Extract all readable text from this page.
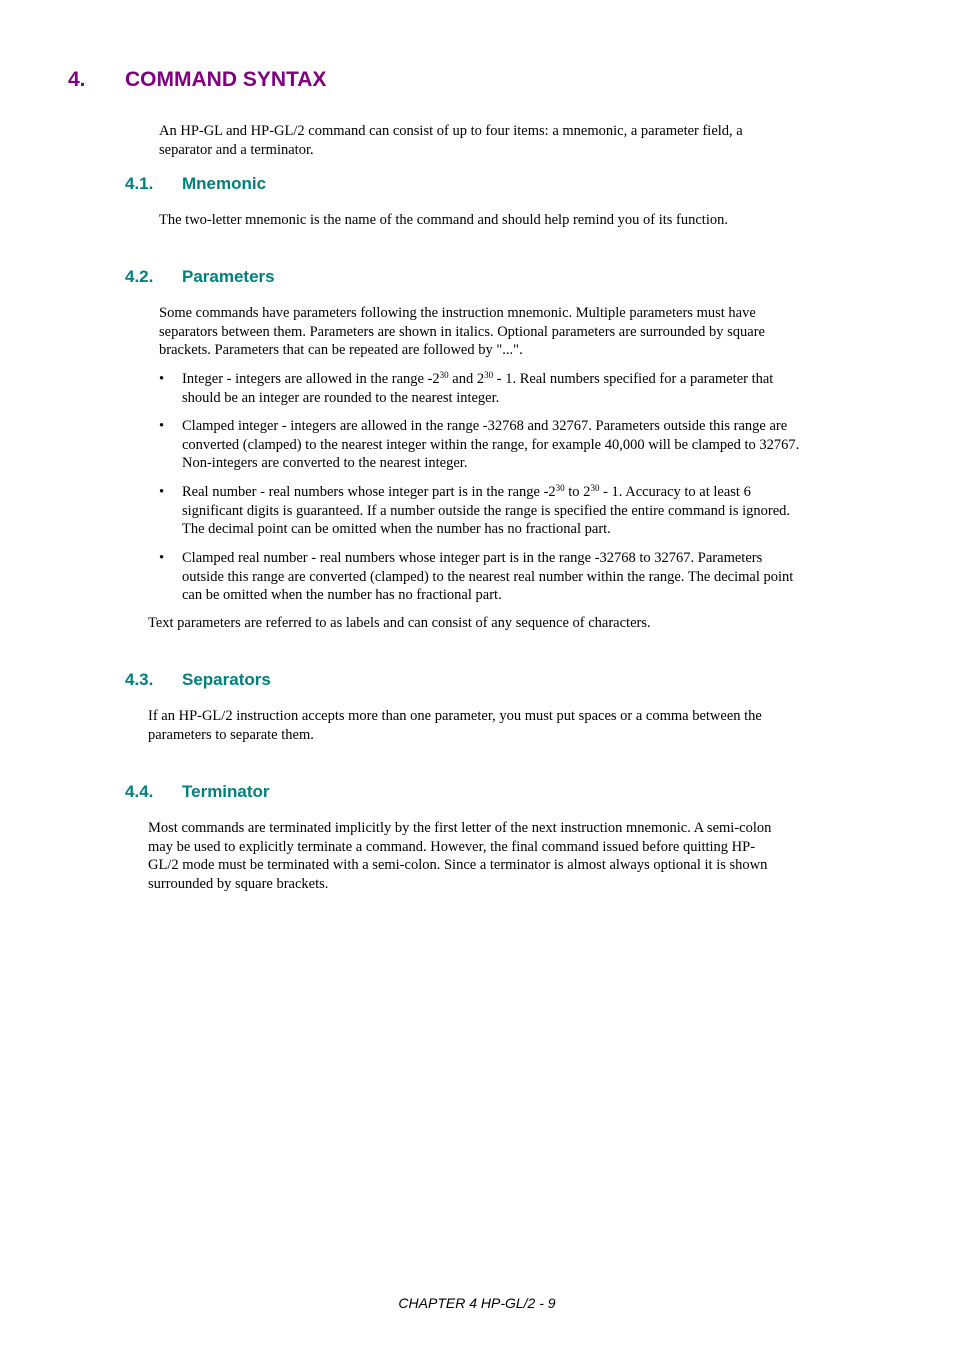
4. COMMAND SYNTAX
An HP-GL and HP-GL/2 command can consist of up to four items: a mnemonic, a parameter field, a
separator and a terminator.
4.1. Mnemonic
The two-letter mnemonic is the name of the command and should help remind you of its function.
4.2. Parameters
Some commands have parameters following the instruction mnemonic. Multiple parameters must have
separators between them. Parameters are shown in italics. Optional parameters are surrounded by square
brackets. Parameters that can be repeated are followed by "...".
• Integer - integers are allowed in the range $-2^{30}$ and $2^{30} - 1$. Real numbers specified for a parameter that
should be an integer are rounded to the nearest integer.
• Clamped integer - integers are allowed in the range -32768 and 32767. Parameters outside this range are
converted (clamped) to the nearest integer within the range, for example 40,000 will be clamped to 32767.
Non-integers are converted to the nearest integer.
• Real number - real numbers whose integer part is in the range $-2^{30}$ to $2^{30} - 1$. Accuracy to at least 6
significant digits is guaranteed. If a number outside the range is specified the entire command is ignored.
The decimal point can be omitted when the number has no fractional part.
• Clamped real number - real numbers whose integer part is in the range -32768 to 32767. Parameters
outside this range are converted (clamped) to the nearest real number within the range. The decimal point
can be omitted when the number has no fractional part.
Text parameters are referred to as labels and can consist of any sequence of characters.
4.3. Separators
If an HP-GL/2 instruction accepts more than one parameter, you must put spaces or a comma between the
parameters to separate them.
4.4. Terminator
Most commands are terminated implicitly by the first letter of the next instruction mnemonic. A semi-colon
may be used to explicitly terminate a command. However, the final command issued before quitting HP-
GL/2 mode must be terminated with a semi-colon. Since a terminator is almost always optional it is shown
surrounded by square brackets.
CHAPTER 4 HP-GL/2 - 9
